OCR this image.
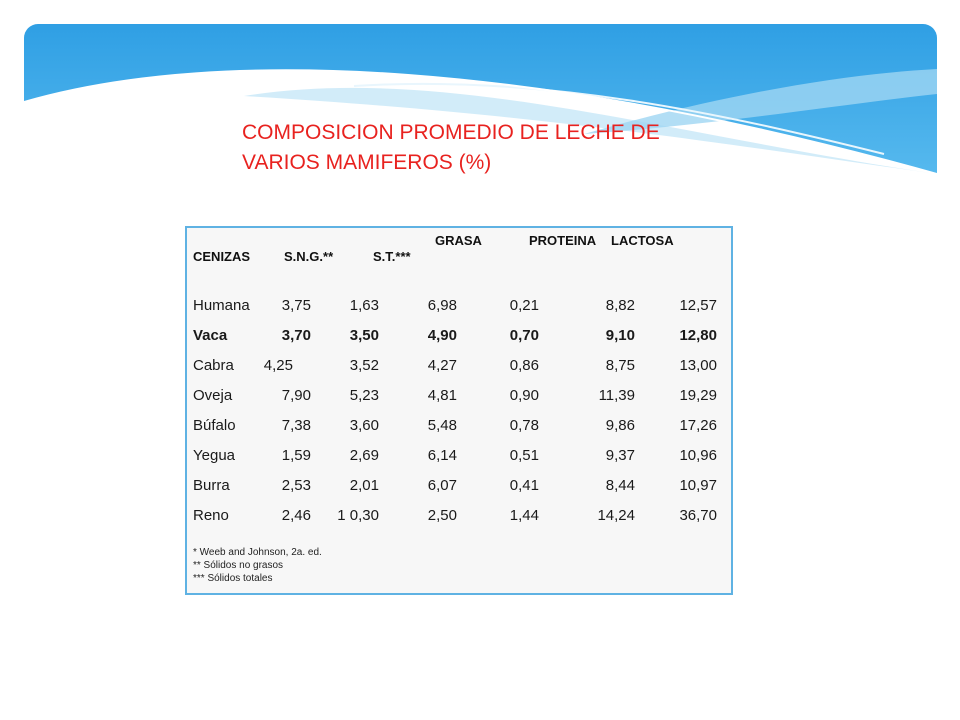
COMPOSICION PROMEDIO DE LECHE DE
VARIOS MAMIFEROS (%)
GRASA	PROTEINA LACTOSA
CENIZAS	S.N.G.**	S.T.***
Humana	3,75	1,63	6,98	0,21	8,82	12,57
Vaca	3,70	3,50	4,90	0,70	9,10	12,80
Cabra	4,25	3,52	4,27	0,86	8,75	13,00
Oveja	7,90	5,23	4,81	0,90	11,39	19,29
Búfalo	7,38	3,60	5,48	0,78	9,86	17,26
Yegua	1,59	2,69	6,14	0,51	9,37	10,96
Burra	2,53	2,01	6,07	0,41	8,44	10,97
Reno	2,46	1 0,30	2,50	1,44	14,24	36,70
* Weeb and Johnson, 2a. ed.
** Sólidos no grasos
*** Sólidos totales
